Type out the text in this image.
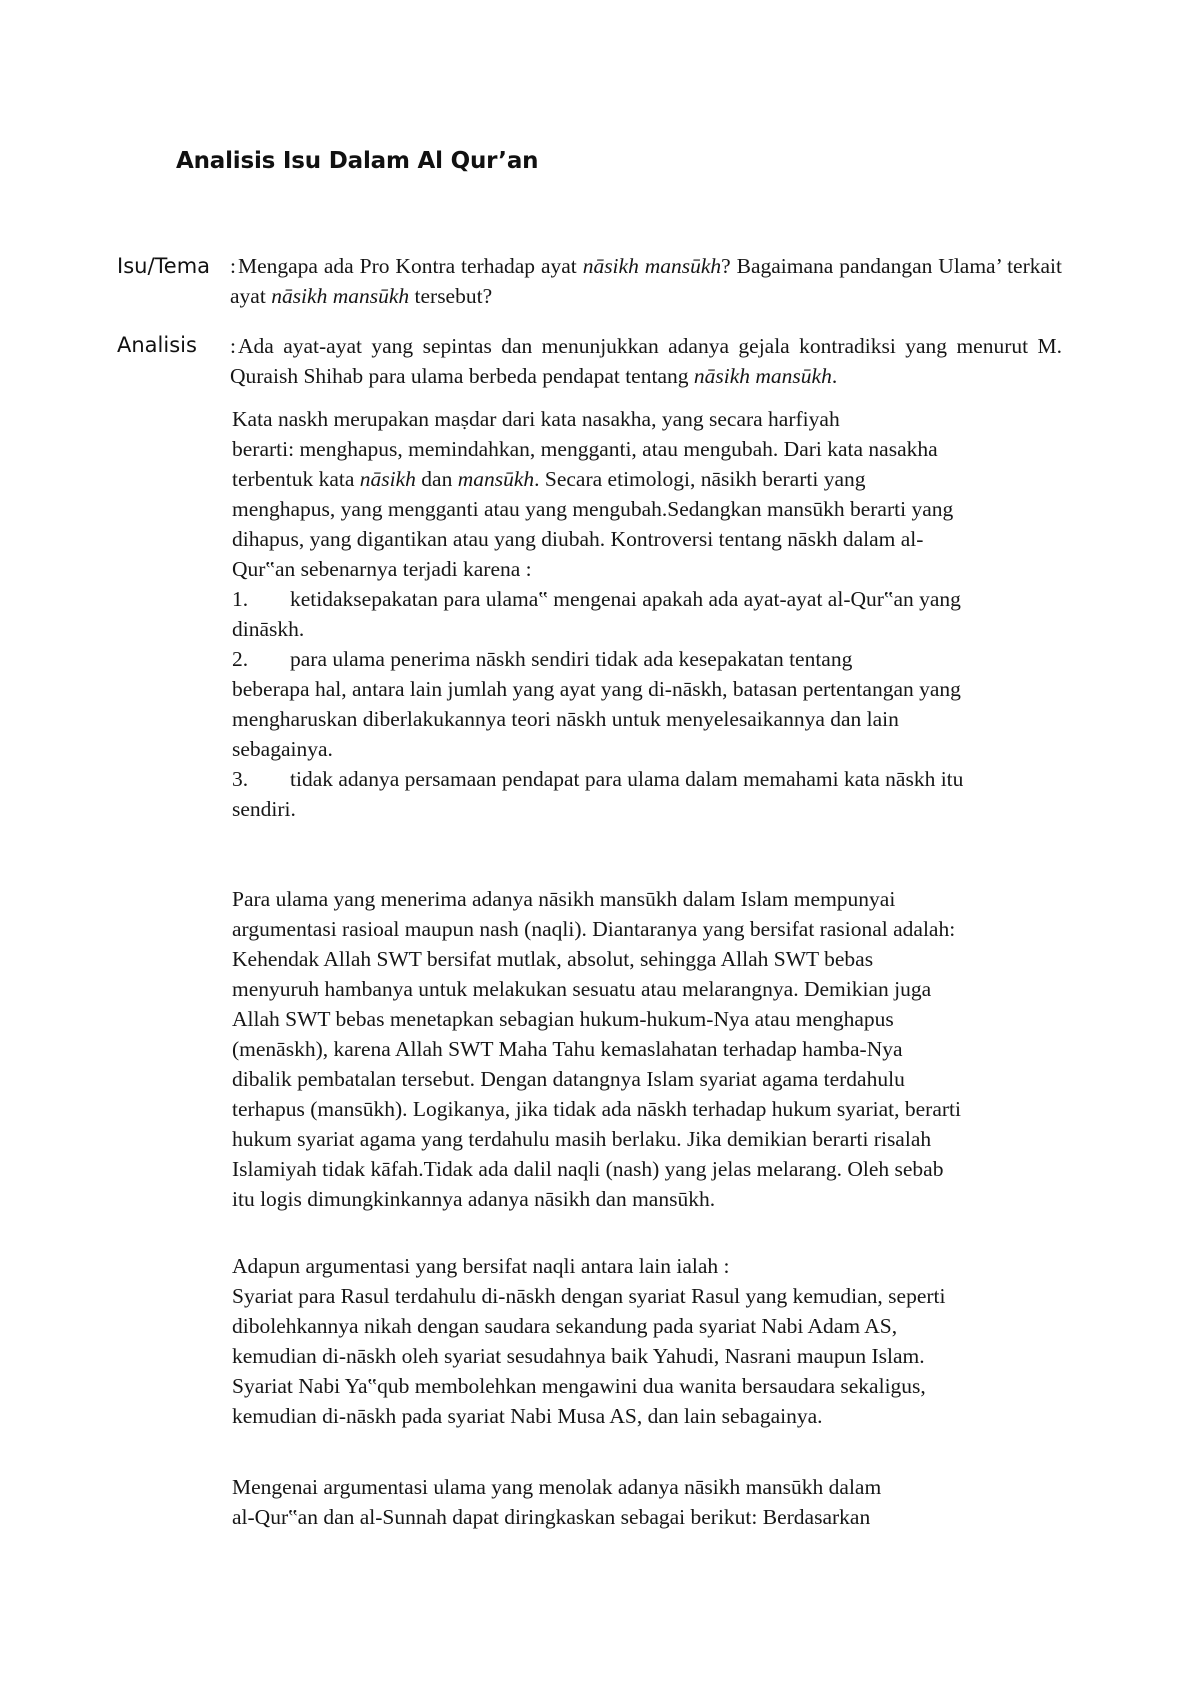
Analisis Isu Dalam Al Qur’an
Isu/Tema :Mengapa ada Pro Kontra terhadap ayat nāsikh mansūkh? Bagaimana pandangan Ulama’ terkait ayat nāsikh mansūkh tersebut?

Analisis :Ada ayat-ayat yang sepintas dan menunjukkan adanya gejala kontradiksi yang menurut M. Quraish Shihab para ulama berbeda pendapat tentang nāsikh mansūkh.

Kata naskh merupakan maṣdar dari kata nasakha, yang secara harfiyah

berarti: menghapus, memindahkan, mengganti, atau mengubah. Dari kata nasakha

terbentuk kata nāsikh dan mansūkh. Secara etimologi, nāsikh berarti yang

menghapus, yang mengganti atau yang mengubah.Sedangkan mansūkh berarti yang

dihapus, yang digantikan atau yang diubah. Kontroversi tentang nāskh dalam al-

Qur‟an sebenarnya terjadi karena :

1. ketidaksepakatan para ulama‟ mengenai apakah ada ayat-ayat al-Qur‟an yang

dināskh.

2. para ulama penerima nāskh sendiri tidak ada kesepakatan tentang

beberapa hal, antara lain jumlah yang ayat yang di-nāskh, batasan pertentangan yang

mengharuskan diberlakukannya teori nāskh untuk menyelesaikannya dan lain

sebagainya.

3. tidak adanya persamaan pendapat para ulama dalam memahami kata nāskh itu

sendiri.

Para ulama yang menerima adanya nāsikh mansūkh dalam Islam mempunyai

argumentasi rasioal maupun nash (naqli). Diantaranya yang bersifat rasional adalah:

Kehendak Allah SWT bersifat mutlak, absolut, sehingga Allah SWT bebas

menyuruh hambanya untuk melakukan sesuatu atau melarangnya. Demikian juga

Allah SWT bebas menetapkan sebagian hukum-hukum-Nya atau menghapus

(menāskh), karena Allah SWT Maha Tahu kemaslahatan terhadap hamba-Nya

dibalik pembatalan tersebut. Dengan datangnya Islam syariat agama terdahulu

terhapus (mansūkh). Logikanya, jika tidak ada nāskh terhadap hukum syariat, berarti

hukum syariat agama yang terdahulu masih berlaku. Jika demikian berarti risalah

Islamiyah tidak kāfah.Tidak ada dalil naqli (nash) yang jelas melarang. Oleh sebab

itu logis dimungkinkannya adanya nāsikh dan mansūkh.

Adapun argumentasi yang bersifat naqli antara lain ialah :

Syariat para Rasul terdahulu di-nāskh dengan syariat Rasul yang kemudian, seperti

dibolehkannya nikah dengan saudara sekandung pada syariat Nabi Adam AS,

kemudian di-nāskh oleh syariat sesudahnya baik Yahudi, Nasrani maupun Islam.

Syariat Nabi Ya‟qub membolehkan mengawini dua wanita bersaudara sekaligus,

kemudian di-nāskh pada syariat Nabi Musa AS, dan lain sebagainya.

Mengenai argumentasi ulama yang menolak adanya nāsikh mansūkh dalam

al-Qur‟an dan al-Sunnah dapat diringkaskan sebagai berikut: Berdasarkan
